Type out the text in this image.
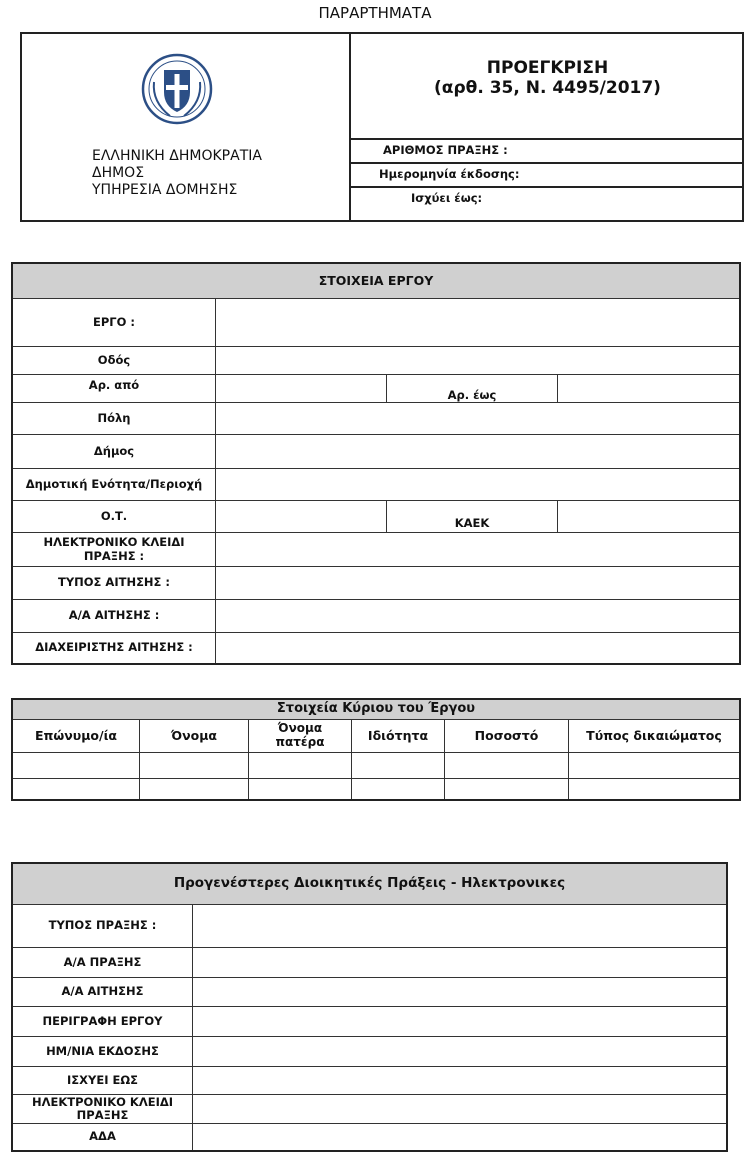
ΠΑΡΑΡΤΗΜΑΤΑ
ΕΛΛΗΝΙΚΗ ΔΗΜΟΚΡΑΤΙΑ
ΔΗΜΟΣ
ΥΠΗΡΕΣΙΑ ΔΟΜΗΣΗΣ
ΠΡΟΕΓΚΡΙΣΗ
(αρθ. 35, Ν. 4495/2017)
ΑΡΙΘΜΟΣ ΠΡΑΞΗΣ :
Ημερομηνία έκδοσης:
Ισχύει έως:
ΣΤΟΙΧΕΙΑ ΕΡΓΟΥ
ΕΡΓΟ :
Οδός
Αρ. από
Αρ. έως
Πόλη
Δήμος
Δημοτική Ενότητα/Περιοχή
Ο.Τ.	ΚΑΕΚ
ΗΛΕΚΤΡΟΝΙΚΟ ΚΛΕΙΔΙ ΠΡΑΞΗΣ :
ΤΥΠΟΣ ΑΙΤΗΣΗΣ :
Α/Α ΑΙΤΗΣΗΣ :
ΔΙΑΧΕΙΡΙΣΤΗΣ ΑΙΤΗΣΗΣ :
Στοιχεία Κύριου του Έργου
Επώνυμο/ία	Όνομα	Όνομα πατέρα	Ιδιότητα	Ποσοστό	Τύπος δικαιώματος
Προγενέστερες Διοικητικές Πράξεις - Ηλεκτρονικες
ΤΥΠΟΣ ΠΡΑΞΗΣ :
Α/Α ΠΡΑΞΗΣ
Α/Α ΑΙΤΗΣΗΣ
ΠΕΡΙΓΡΑΦΗ ΕΡΓΟΥ
ΗΜ/ΝΙΑ ΕΚΔΟΣΗΣ
ΙΣΧΥΕΙ ΕΩΣ
ΗΛΕΚΤΡΟΝΙΚΟ ΚΛΕΙΔΙ ΠΡΑΞΗΣ
ΑΔΑ
